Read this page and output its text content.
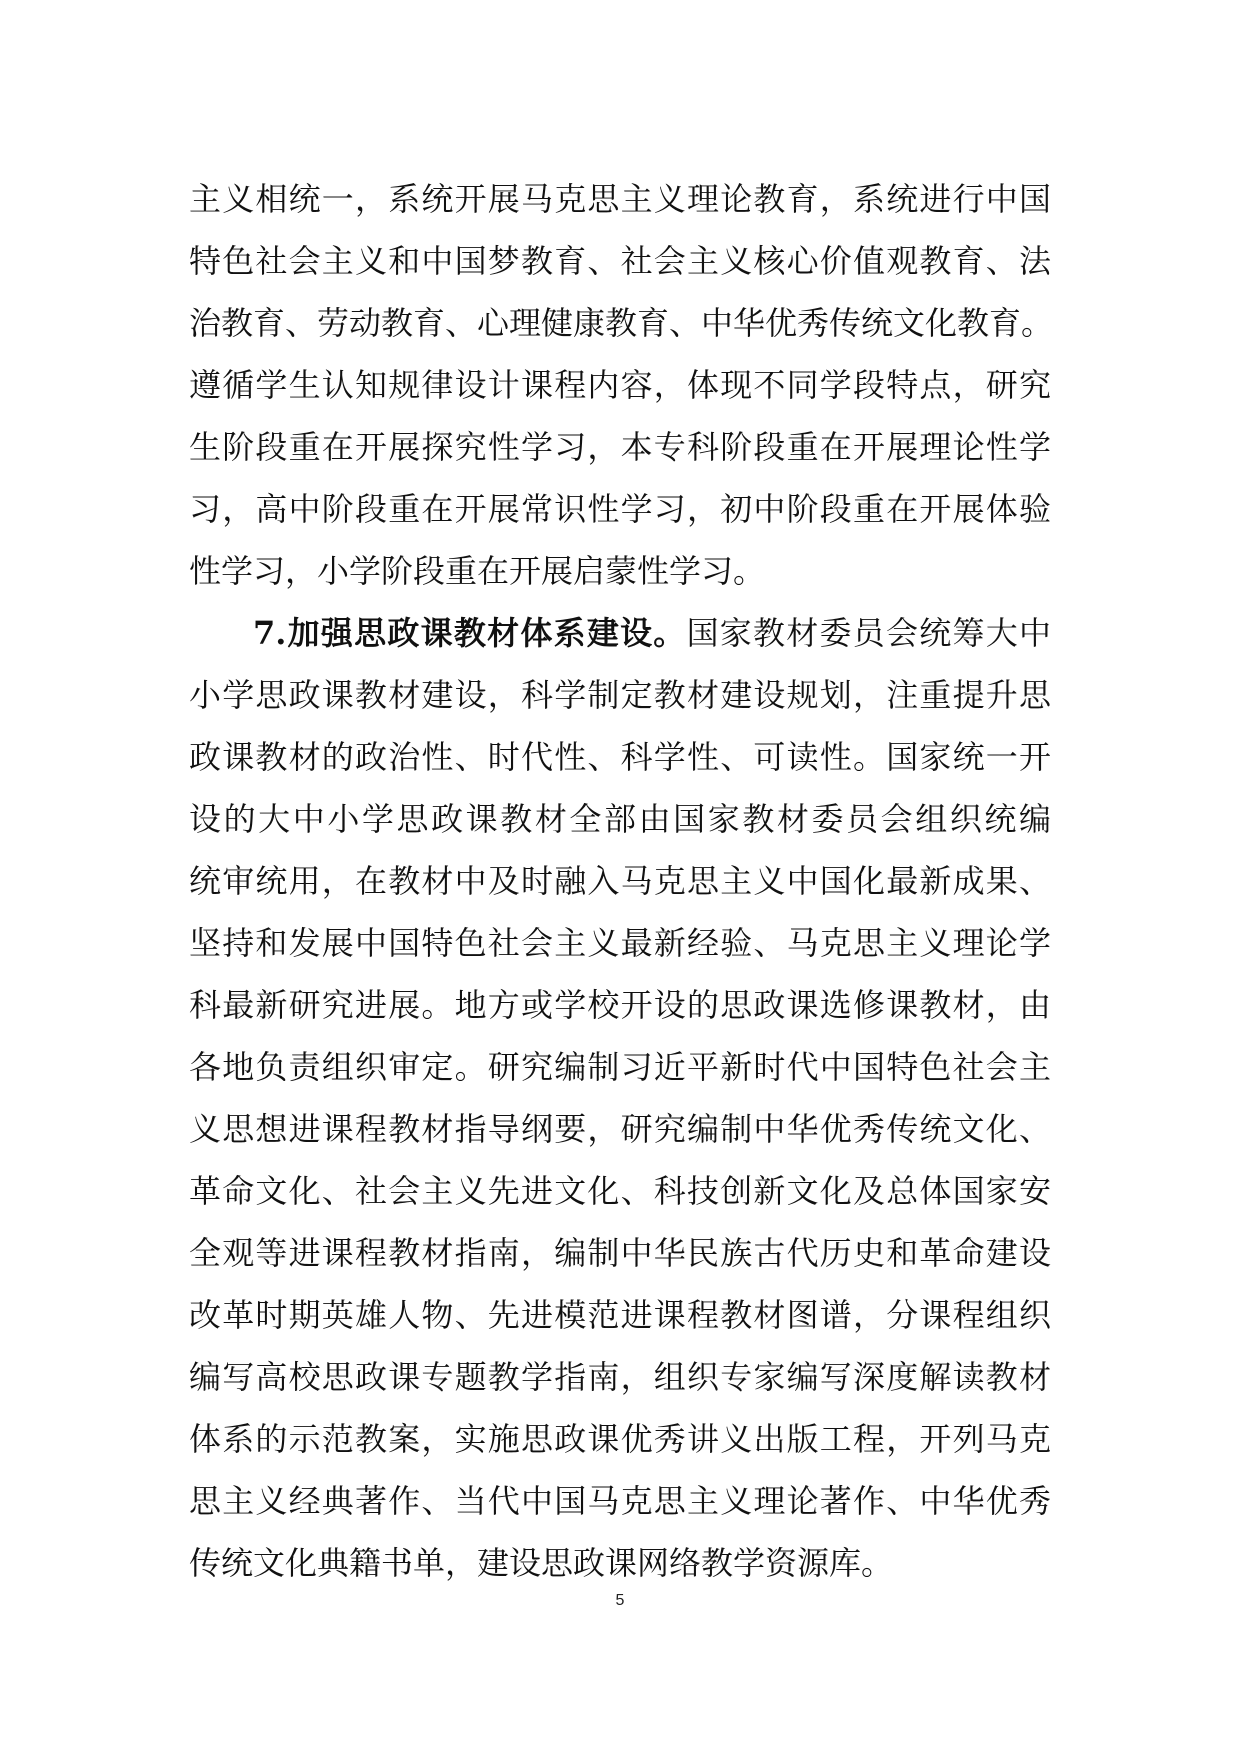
主义相统一，系统开展马克思主义理论教育，系统进行中国
特色社会主义和中国梦教育、社会主义核心价值观教育、法
治教育、劳动教育、心理健康教育、中华优秀传统文化教育。
遵循学生认知规律设计课程内容，体现不同学段特点，研究
生阶段重在开展探究性学习，本专科阶段重在开展理论性学
习，高中阶段重在开展常识性学习，初中阶段重在开展体验
性学习，小学阶段重在开展启蒙性学习。
7.加强思政课教材体系建设。国家教材委员会统筹大中
小学思政课教材建设，科学制定教材建设规划，注重提升思
政课教材的政治性、时代性、科学性、可读性。国家统一开
设的大中小学思政课教材全部由国家教材委员会组织统编
统审统用，在教材中及时融入马克思主义中国化最新成果、
坚持和发展中国特色社会主义最新经验、马克思主义理论学
科最新研究进展。地方或学校开设的思政课选修课教材，由
各地负责组织审定。研究编制习近平新时代中国特色社会主
义思想进课程教材指导纲要，研究编制中华优秀传统文化、
革命文化、社会主义先进文化、科技创新文化及总体国家安
全观等进课程教材指南，编制中华民族古代历史和革命建设
改革时期英雄人物、先进模范进课程教材图谱，分课程组织
编写高校思政课专题教学指南，组织专家编写深度解读教材
体系的示范教案，实施思政课优秀讲义出版工程，开列马克
思主义经典著作、当代中国马克思主义理论著作、中华优秀
传统文化典籍书单，建设思政课网络教学资源库。
5
